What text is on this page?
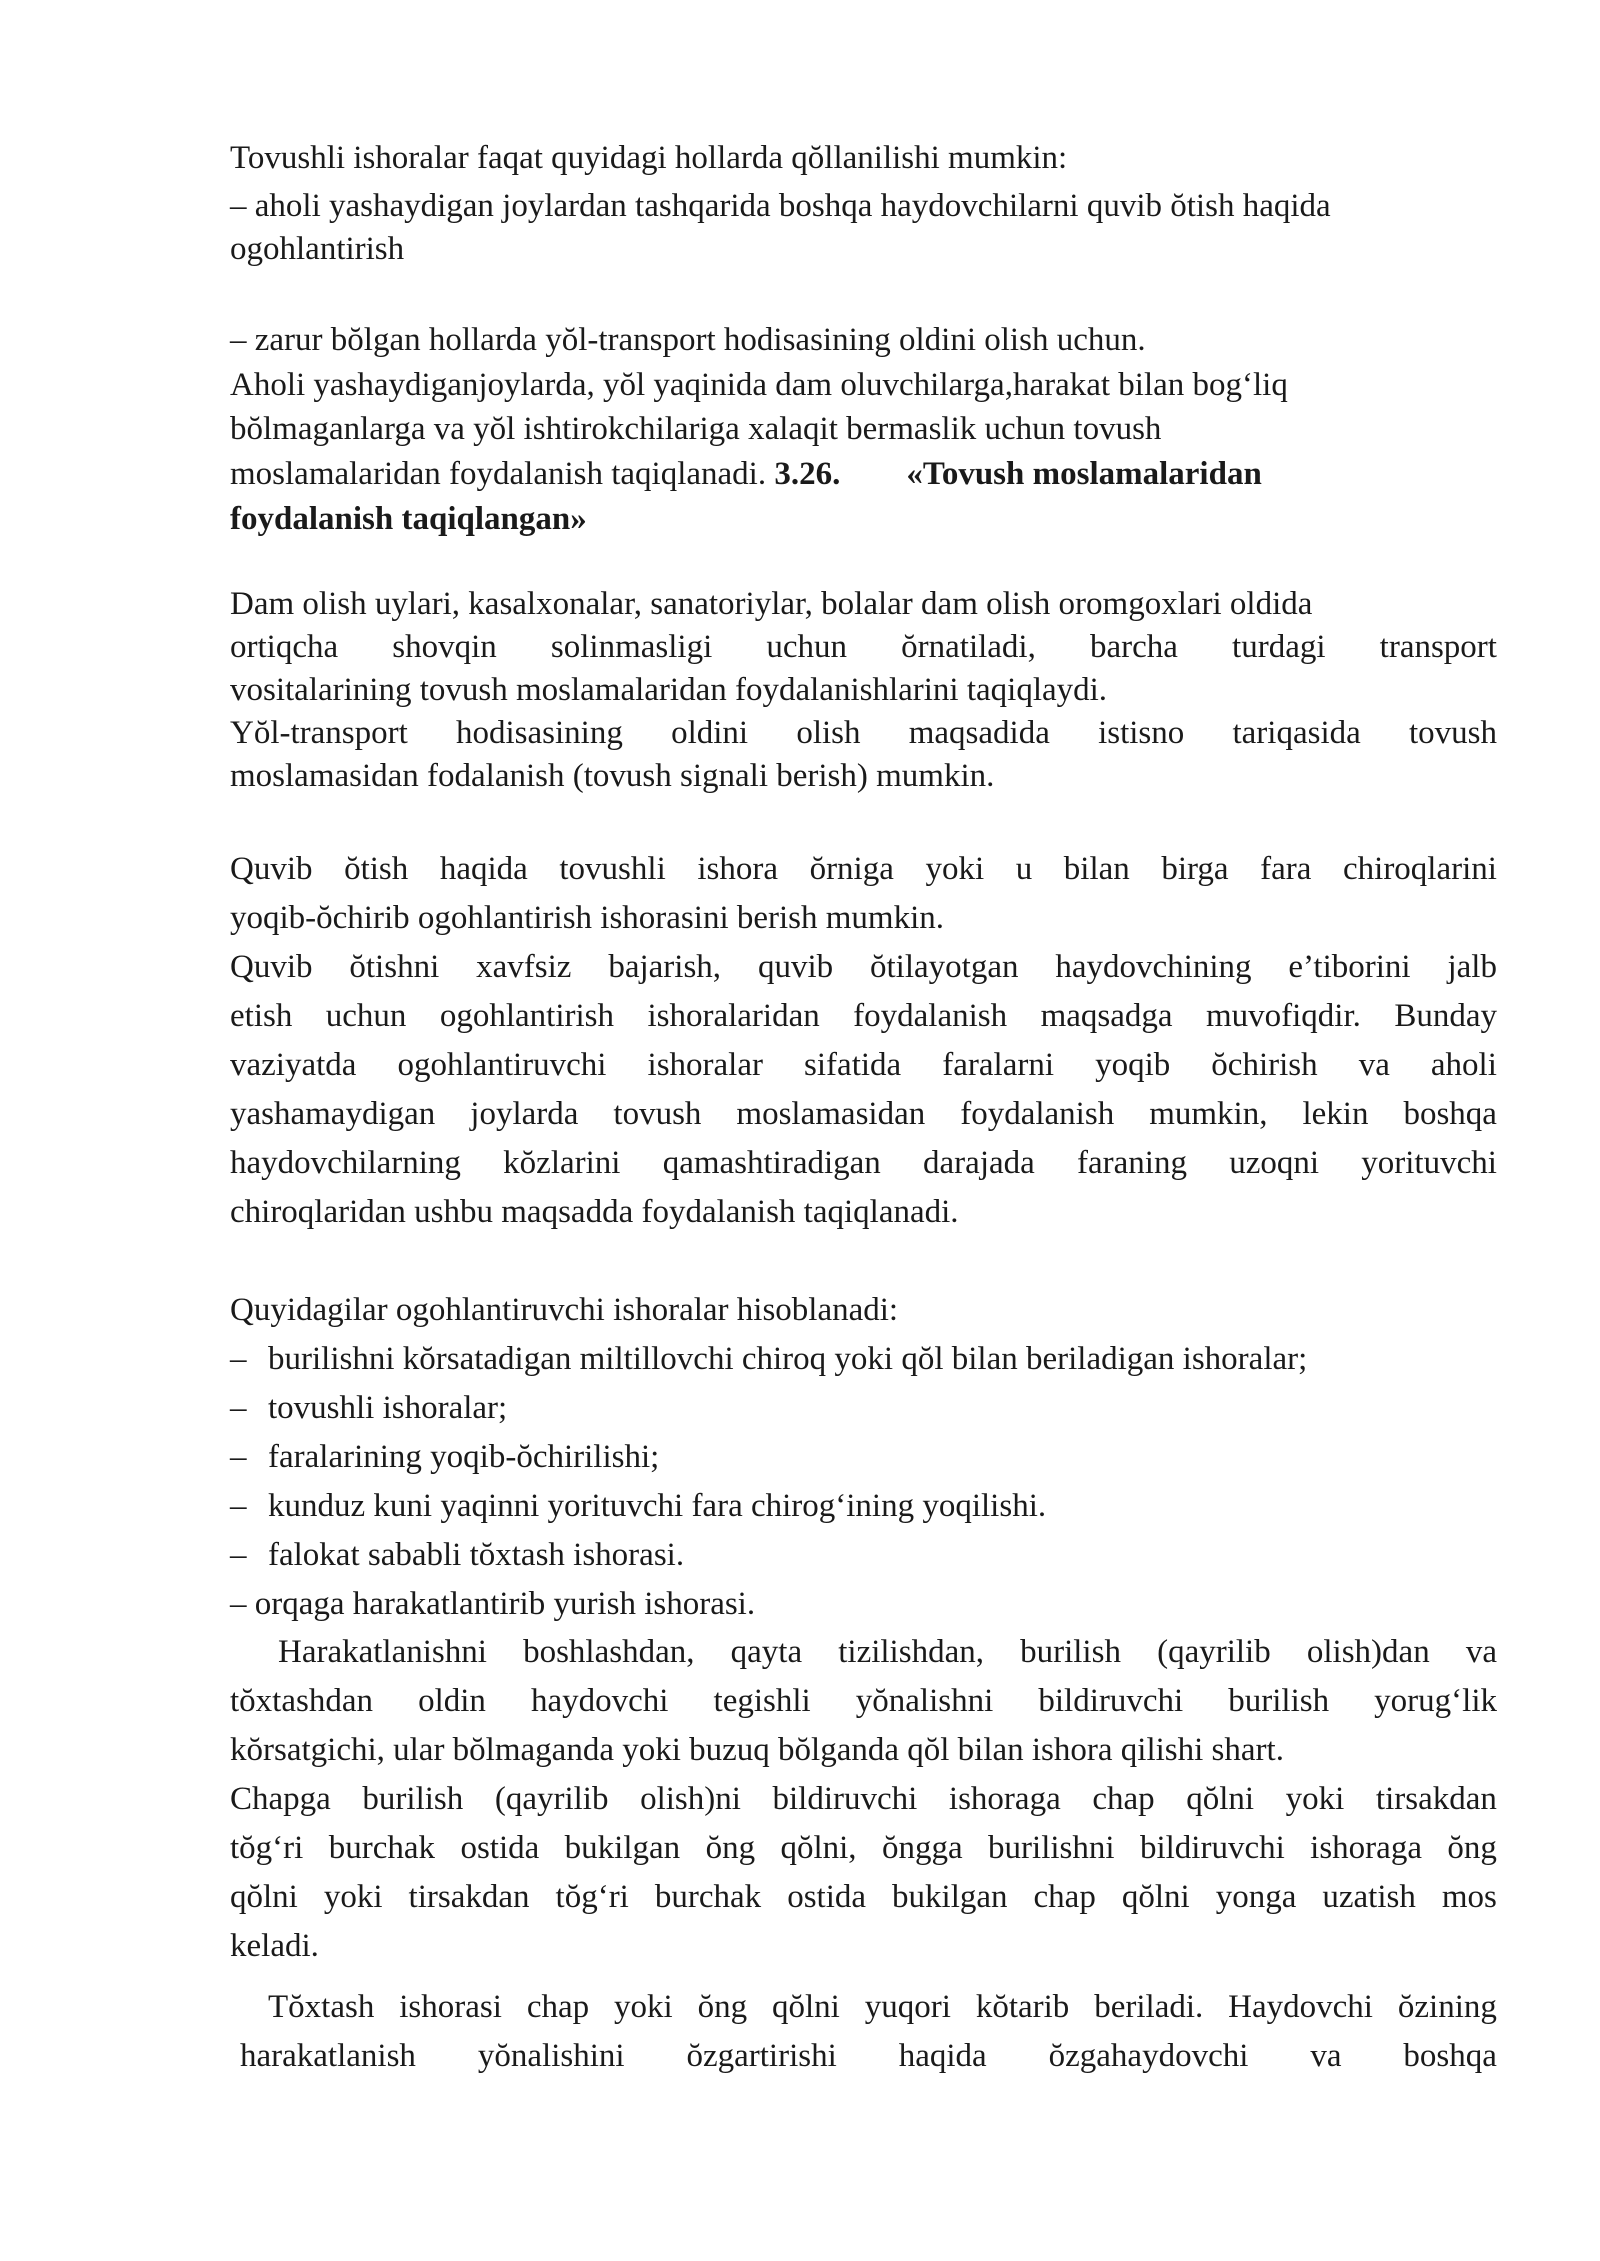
Tovushli ishoralar faqat quyidagi hollarda qŏllanilishi mumkin:
– aholi yashaydigan joylardan tashqarida boshqa haydovchilarni quvib ŏtish haqida
ogohlantirish
– zarur bŏlgan hollarda yŏl-transport hodisasining oldini olish uchun.
Aholi yashaydiganjoylarda, yŏl yaqinida dam oluvchilarga,harakat bilan bog‘liq
bŏlmaganlarga va yŏl ishtirokchilariga xalaqit bermaslik uchun tovush
moslamalaridan foydalanish taqiqlanadi. 3.26. «Tovush moslamalaridan
foydalanish taqiqlangan»
Dam olish uylari, kasalxonalar, sanatoriylar, bolalar dam olish oromgoxlari oldida
ortiqcha shovqin solinmasligi uchun ŏrnatiladi, barcha turdagi transport
vositalarining tovush moslamalaridan foydalanishlarini taqiqlaydi.
Yŏl-transport hodisasining oldini olish maqsadida istisno tariqasida tovush
moslamasidan fodalanish (tovush signali berish) mumkin.
Quvib ŏtish haqida tovushli ishora ŏrniga yoki u bilan birga fara chiroqlarini
yoqib-ŏchirib ogohlantirish ishorasini berish mumkin.
Quvib ŏtishni xavfsiz bajarish, quvib ŏtilayotgan haydovchining e’tiborini jalb
etish uchun ogohlantirish ishoralaridan foydalanish maqsadga muvofiqdir. Bunday
vaziyatda ogohlantiruvchi ishoralar sifatida faralarni yoqib ŏchirish va aholi
yashamaydigan joylarda tovush moslamasidan foydalanish mumkin, lekin boshqa
haydovchilarning kŏzlarini qamashtiradigan darajada faraning uzoqni yorituvchi
chiroqlaridan ushbu maqsadda foydalanish taqiqlanadi.
Quyidagilar ogohlantiruvchi ishoralar hisoblanadi:
– burilishni kŏrsatadigan miltillovchi chiroq yoki qŏl bilan beriladigan ishoralar;
– tovushli ishoralar;
– faralarining yoqib-ŏchirilishi;
– kunduz kuni yaqinni yorituvchi fara chirog‘ining yoqilishi.
– falokat sababli tŏxtash ishorasi.
– orqaga harakatlantirib yurish ishorasi.
Harakatlanishni boshlashdan, qayta tizilishdan, burilish (qayrilib olish)dan va
tŏxtashdan oldin haydovchi tegishli yŏnalishni bildiruvchi burilish yorug‘lik
kŏrsatgichi, ular bŏlmaganda yoki buzuq bŏlganda qŏl bilan ishora qilishi shart.
Chapga burilish (qayrilib olish)ni bildiruvchi ishoraga chap qŏlni yoki tirsakdan
tŏg‘ri burchak ostida bukilgan ŏng qŏlni, ŏngga burilishni bildiruvchi ishoraga ŏng
qŏlni yoki tirsakdan tŏg‘ri burchak ostida bukilgan chap qŏlni yonga uzatish mos
keladi.
Tŏxtash ishorasi chap yoki ŏng qŏlni yuqori kŏtarib beriladi. Haydovchi ŏzining
harakatlanish yŏnalishini ŏzgartirishi haqida ŏzgahaydovchi va boshqa
